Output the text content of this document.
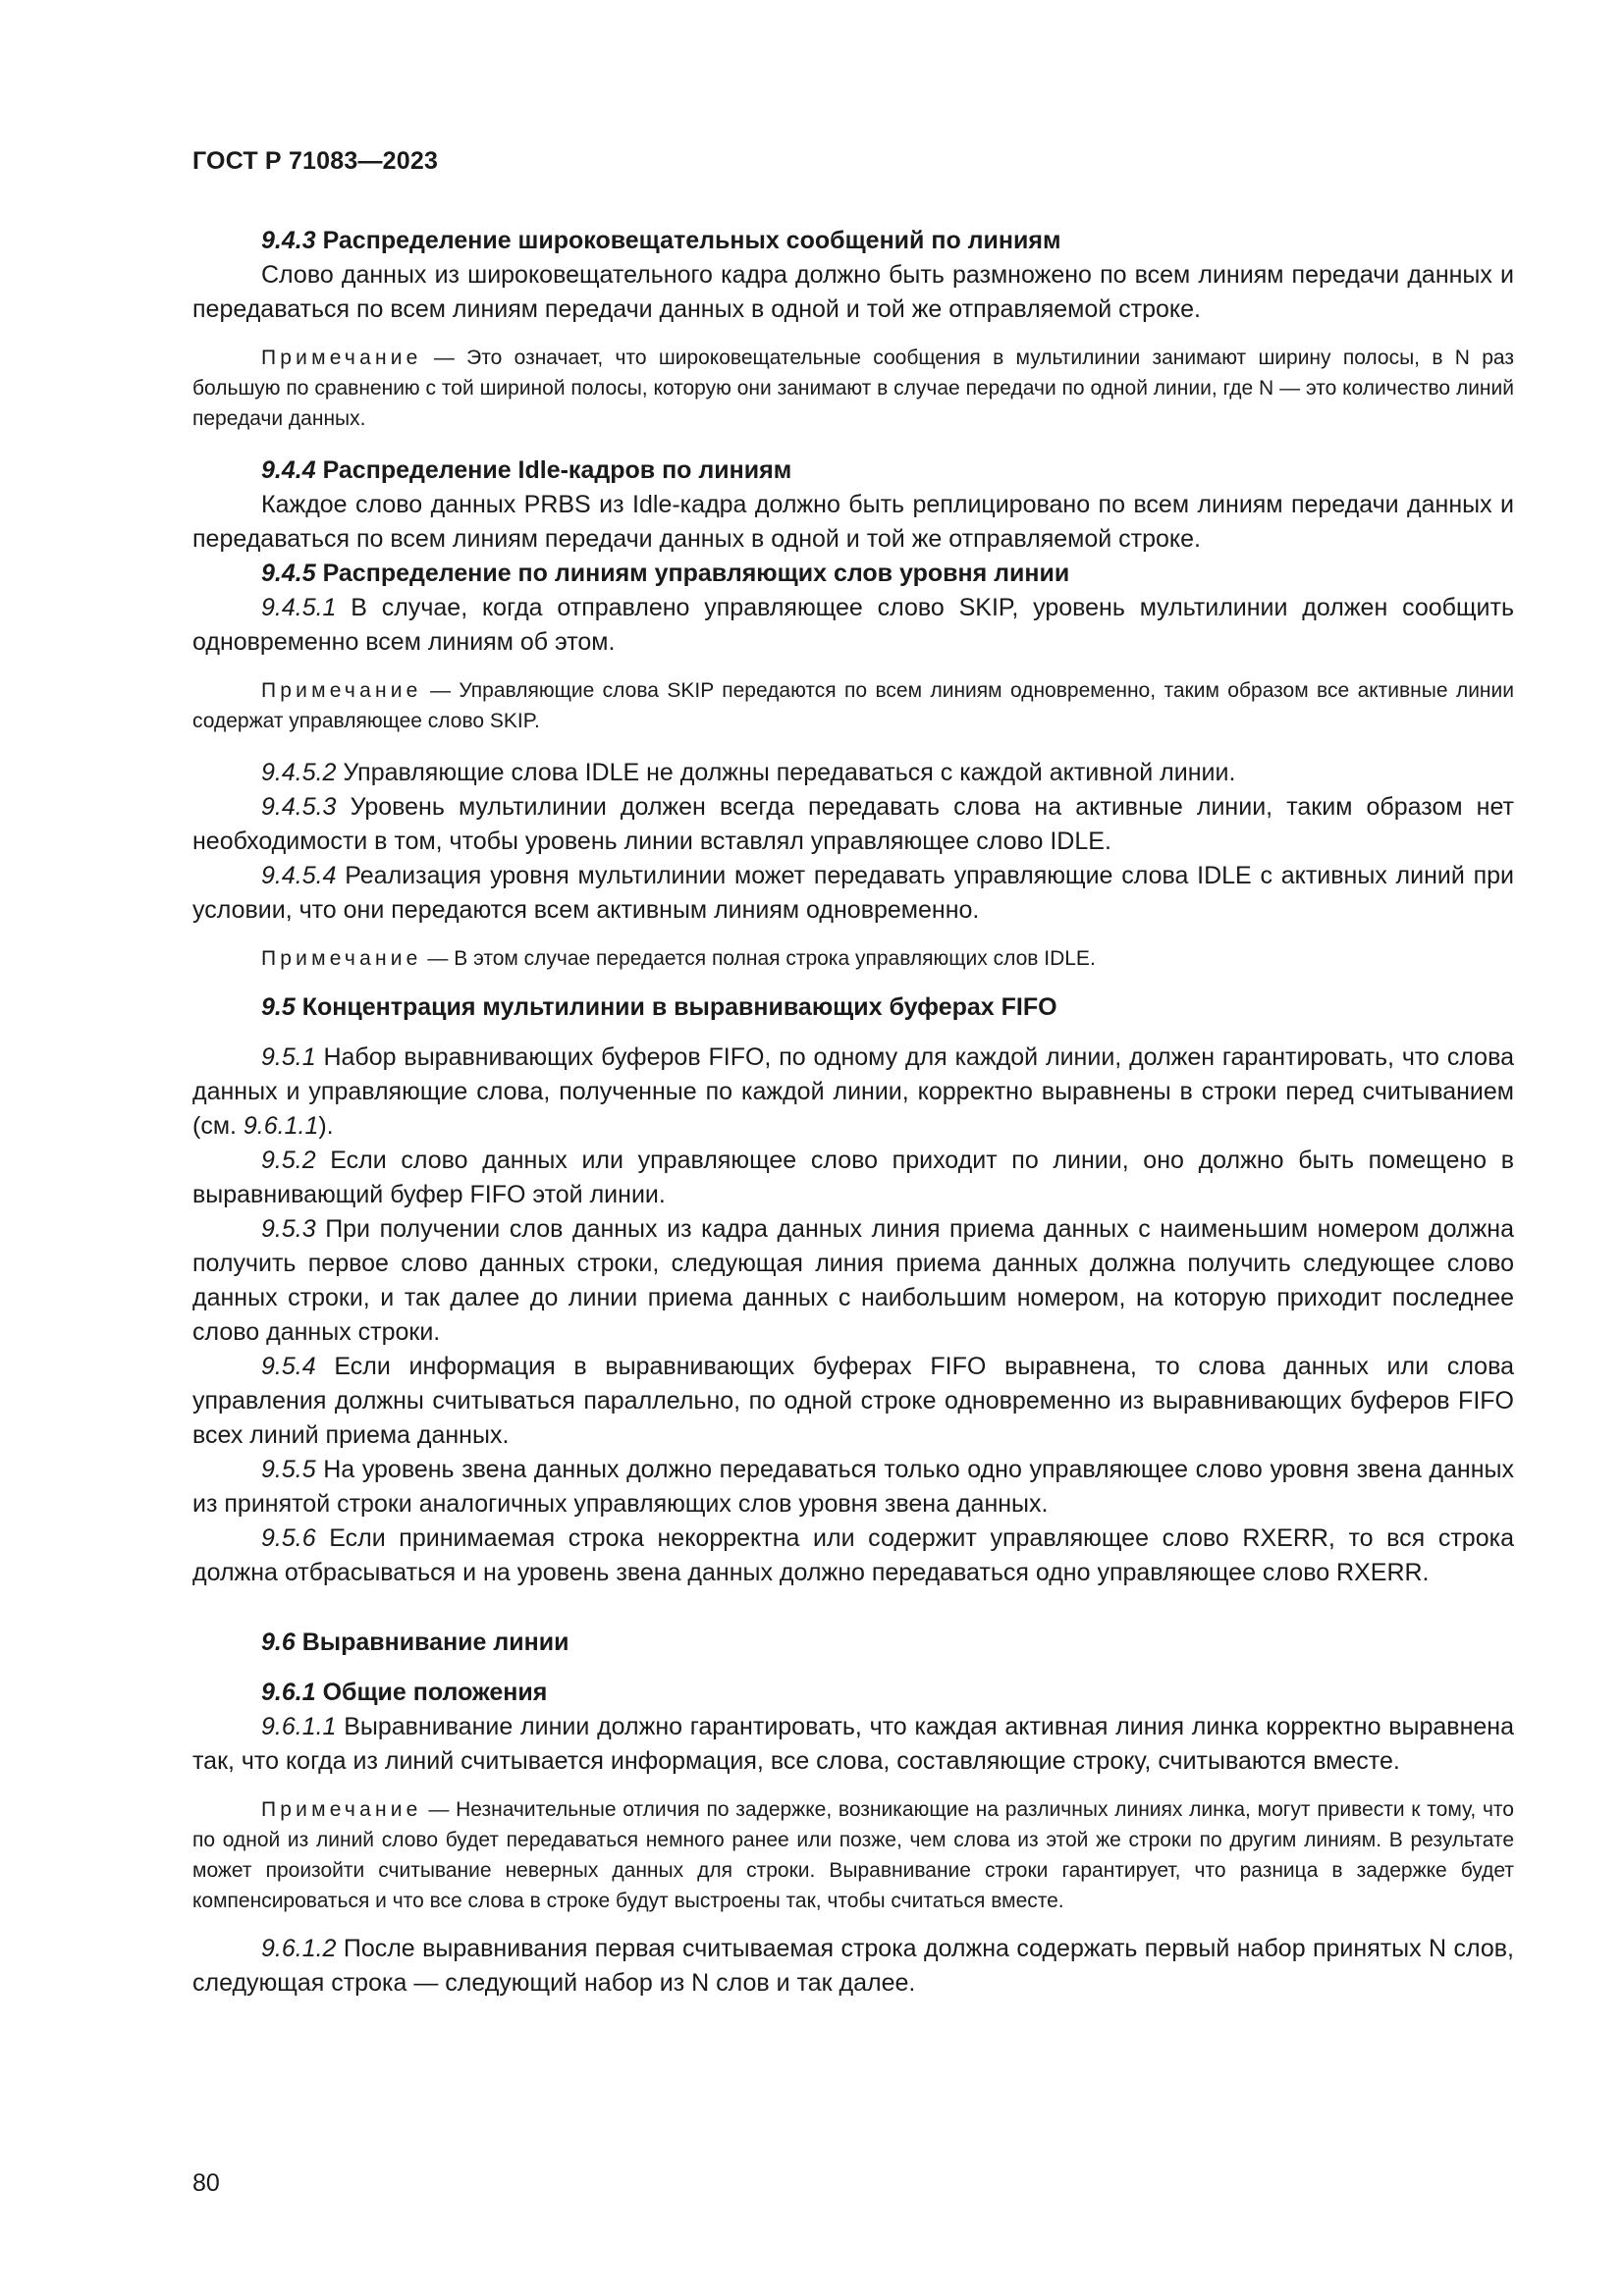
ГОСТ Р 71083—2023

9.4.3 Распределение широковещательных сообщений по линиям

Слово данных из широковещательного кадра должно быть размножено по всем линиям передачи данных и передаваться по всем линиям передачи данных в одной и той же отправляемой строке.

Примечание — Это означает, что широковещательные сообщения в мультилинии занимают ширину полосы, в N раз большую по сравнению с той шириной полосы, которую они занимают в случае передачи по одной линии, где N — это количество линий передачи данных.

9.4.4 Распределение Idle-кадров по линиям

Каждое слово данных PRBS из Idle-кадра должно быть реплицировано по всем линиям передачи данных и передаваться по всем линиям передачи данных в одной и той же отправляемой строке.

9.4.5 Распределение по линиям управляющих слов уровня линии

9.4.5.1 В случае, когда отправлено управляющее слово SKIP, уровень мультилинии должен сообщить одновременно всем линиям об этом.

Примечание — Управляющие слова SKIP передаются по всем линиям одновременно, таким образом все активные линии содержат управляющее слово SKIP.

9.4.5.2 Управляющие слова IDLE не должны передаваться с каждой активной линии.

9.4.5.3 Уровень мультилинии должен всегда передавать слова на активные линии, таким образом нет необходимости в том, чтобы уровень линии вставлял управляющее слово IDLE.

9.4.5.4 Реализация уровня мультилинии может передавать управляющие слова IDLE с активных линий при условии, что они передаются всем активным линиям одновременно.

Примечание — В этом случае передается полная строка управляющих слов IDLE.

9.5 Концентрация мультилинии в выравнивающих буферах FIFO

9.5.1 Набор выравнивающих буферов FIFO, по одному для каждой линии, должен гарантировать, что слова данных и управляющие слова, полученные по каждой линии, корректно выравнены в строки перед считыванием (см. 9.6.1.1).

9.5.2 Если слово данных или управляющее слово приходит по линии, оно должно быть помещено в выравнивающий буфер FIFO этой линии.

9.5.3 При получении слов данных из кадра данных линия приема данных с наименьшим номером должна получить первое слово данных строки, следующая линия приема данных должна получить следующее слово данных строки, и так далее до линии приема данных с наибольшим номером, на которую приходит последнее слово данных строки.

9.5.4 Если информация в выравнивающих буферах FIFO выравнена, то слова данных или слова управления должны считываться параллельно, по одной строке одновременно из выравнивающих буферов FIFO всех линий приема данных.

9.5.5 На уровень звена данных должно передаваться только одно управляющее слово уровня звена данных из принятой строки аналогичных управляющих слов уровня звена данных.

9.5.6 Если принимаемая строка некорректна или содержит управляющее слово RXERR, то вся строка должна отбрасываться и на уровень звена данных должно передаваться одно управляющее слово RXERR.

9.6 Выравнивание линии

9.6.1 Общие положения

9.6.1.1 Выравнивание линии должно гарантировать, что каждая активная линия линка корректно выравнена так, что когда из линий считывается информация, все слова, составляющие строку, считываются вместе.

Примечание — Незначительные отличия по задержке, возникающие на различных линиях линка, могут привести к тому, что по одной из линий слово будет передаваться немного ранее или позже, чем слова из этой же строки по другим линиям. В результате может произойти считывание неверных данных для строки. Выравнивание строки гарантирует, что разница в задержке будет компенсироваться и что все слова в строке будут выстроены так, чтобы считаться вместе.

9.6.1.2 После выравнивания первая считываемая строка должна содержать первый набор принятых N слов, следующая строка — следующий набор из N слов и так далее.

80
